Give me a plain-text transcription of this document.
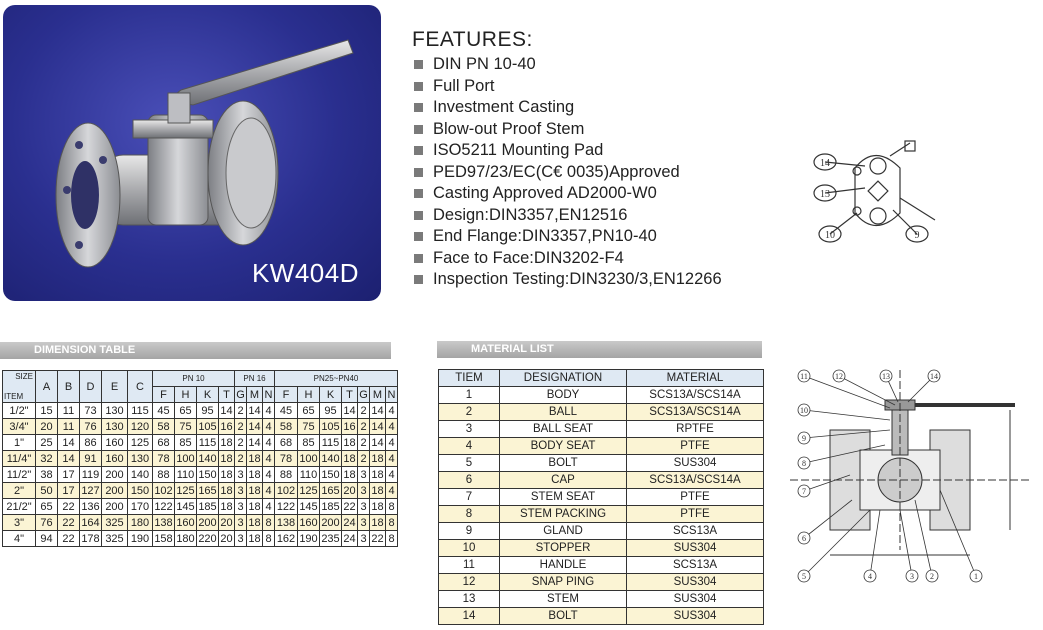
KW404D
FEATURES:
DIN PN 10-40
Full Port
Investment Casting
Blow-out Proof Stem
ISO5211 Mounting Pad
PED97/23/EC(C€ 0035)Approved
Casting Approved AD2000-W0
Design:DIN3357,EN12516
End Flange:DIN3357,PN10-40
Face to Face:DIN3202-F4
Inspection Testing:DIN3230/3,EN12266
14
13
10	9
11	12	13	14
10
9
8
7
6
5	4	3 2	1
DIMENSION TABLE
SIZE
ITEM	A	B	D	E	C	PN 10				PN 16			PN25~PN40						
						F	H	K	T	G	M	N	F	H	K	T	G	M	N
1/2"	15	11	73	130	115	45	65	95	14	2	14	4	45	65	95	14	2	14	4
3/4"	20	11	76	130	120	58	75	105	16	2	14	4	58	75	105	16	2	14	4
1"	25	14	86	160	125	68	85	115	18	2	14	4	68	85	115	18	2	14	4
11/4"	32	14	91	160	130	78	100	140	18	2	18	4	78	100	140	18	2	18	4
11/2"	38	17	119	200	140	88	110	150	18	3	18	4	88	110	150	18	3	18	4
2"	50	17	127	200	150	102	125	165	18	3	18	4	102	125	165	20	3	18	4
21/2"	65	22	136	200	170	122	145	185	18	3	18	4	122	145	185	22	3	18	8
3"	76	22	164	325	180	138	160	200	20	3	18	8	138	160	200	24	3	18	8
4"	94	22	178	325	190	158	180	220	20	3	18	8	162	190	235	24	3	22	8
MATERIAL LIST
TIEM	DESIGNATION	MATERIAL
1	BODY	SCS13A/SCS14A
2	BALL	SCS13A/SCS14A
3	BALL SEAT	RPTFE
4	BODY SEAT	PTFE
5	BOLT	SUS304
6	CAP	SCS13A/SCS14A
7	STEM SEAT	PTFE
8	STEM PACKING	PTFE
9	GLAND	SCS13A
10	STOPPER	SUS304
11	HANDLE	SCS13A
12	SNAP PING	SUS304
13	STEM	SUS304
14	BOLT	SUS304
